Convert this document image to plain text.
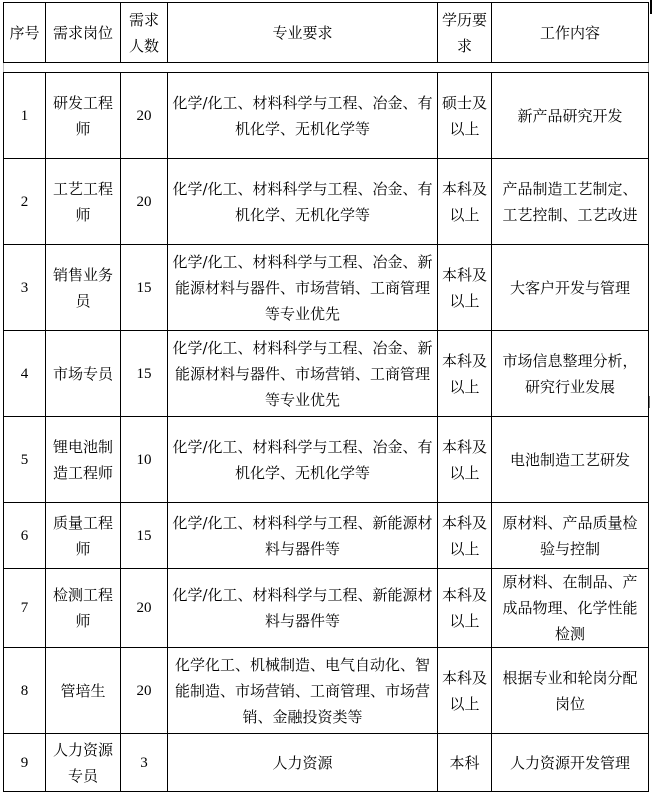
序号	需求岗位	需求人数	专业要求	学历要求	工作内容

1	研发工程师	20	化学/化工、材料科学与工程、冶金、有机化学、无机化学等	硕士及以上	新产品研究开发
2	工艺工程师	20	化学/化工、材料科学与工程、冶金、有机化学、无机化学等	本科及以上	产品制造工艺制定、工艺控制、工艺改进
3	销售业务员	15	化学/化工、材料科学与工程、冶金、新能源材料与器件、市场营销、工商管理等专业优先	本科及以上	大客户开发与管理
4	市场专员	15	化学/化工、材料科学与工程、冶金、新能源材料与器件、市场营销、工商管理等专业优先	本科及以上	市场信息整理分析，研究行业发展
5	锂电池制造工程师	10	化学/化工、材料科学与工程、冶金、有机化学、无机化学等	本科及以上	电池制造工艺研发
6	质量工程师	15	化学/化工、材料科学与工程、新能源材料与器件等	本科及以上	原材料、产品质量检验与控制
7	检测工程师	20	化学/化工、材料科学与工程、新能源材料与器件等	本科及以上	原材料、在制品、产成品物理、化学性能检测
8	管培生	20	化学化工、机械制造、电气自动化、智能制造、市场营销、工商管理、市场营销、金融投资类等	本科及以上	根据专业和轮岗分配岗位
9	人力资源专员	3	人力资源	本科	人力资源开发管理
